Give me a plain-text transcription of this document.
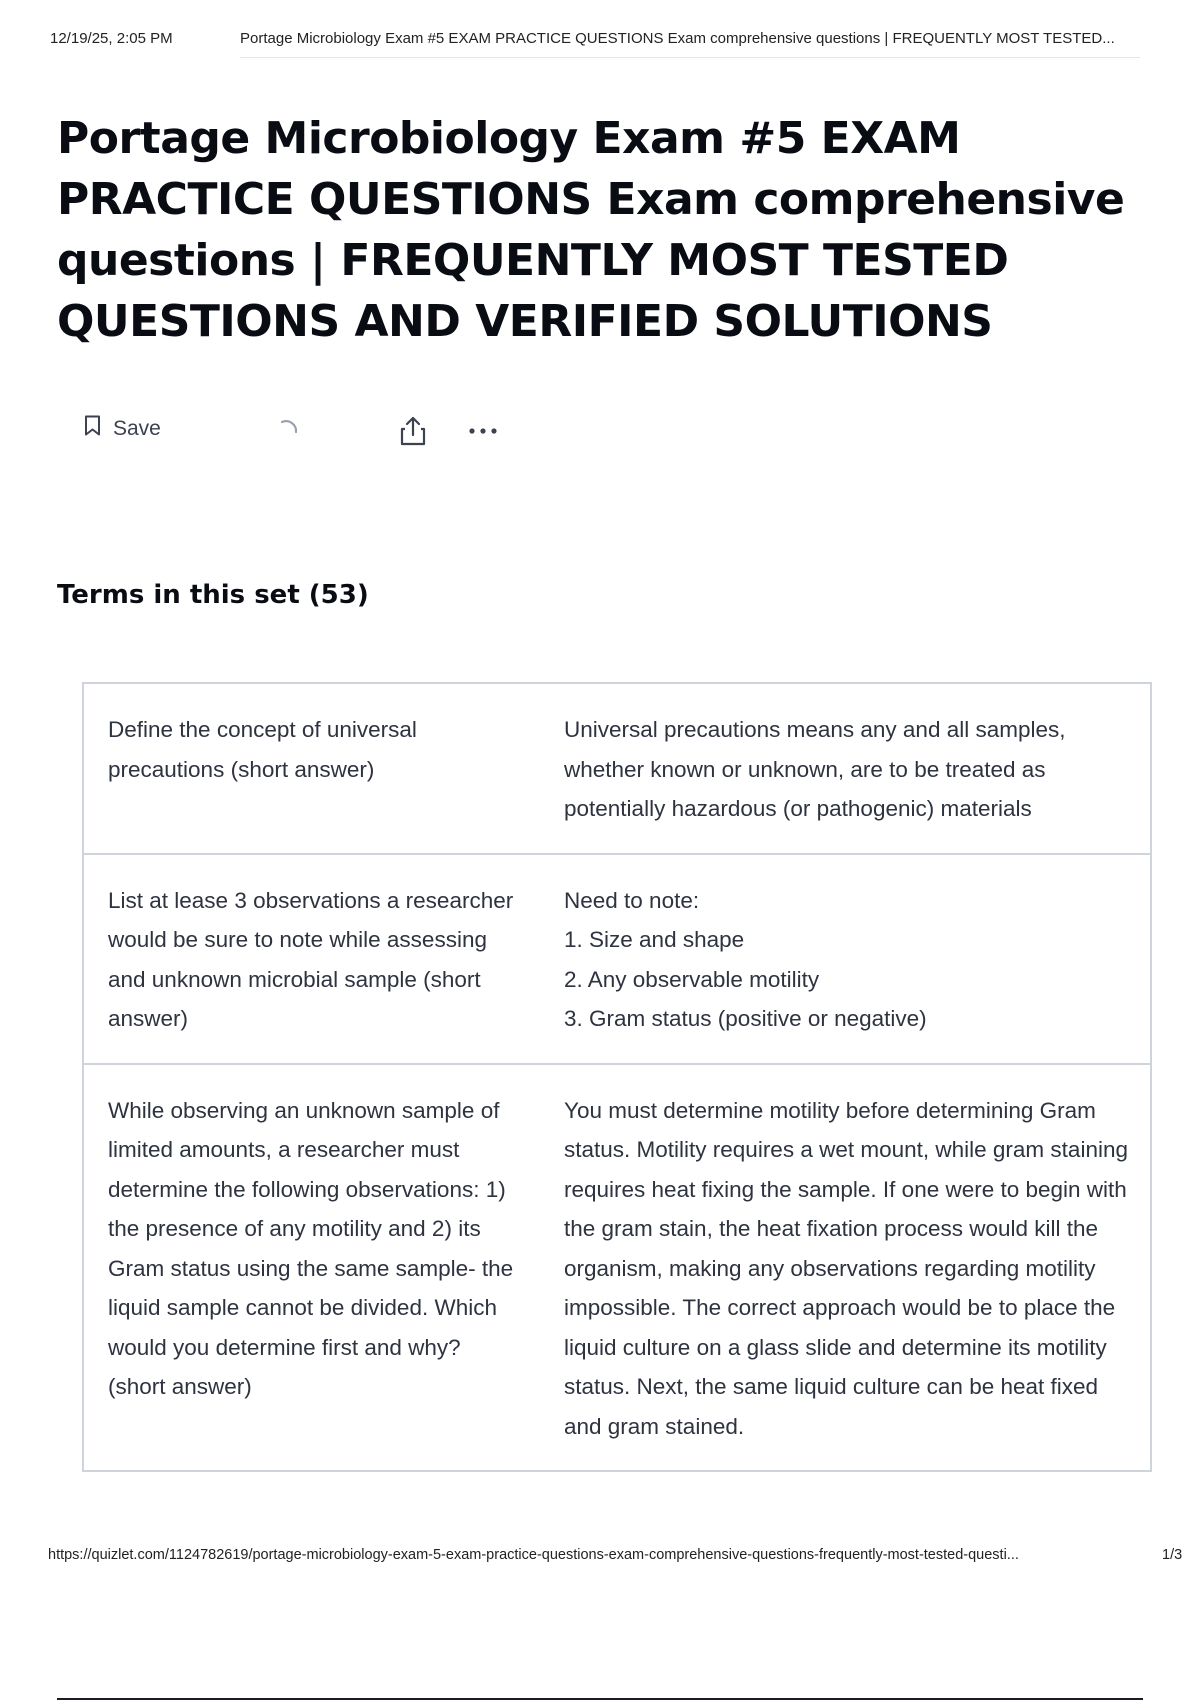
12/19/25, 2:05 PM	Portage Microbiology Exam #5 EXAM PRACTICE QUESTIONS Exam comprehensive questions | FREQUENTLY MOST TESTED...
Portage Microbiology Exam #5 EXAM PRACTICE QUESTIONS Exam comprehensive questions | FREQUENTLY MOST TESTED QUESTIONS AND VERIFIED SOLUTIONS
Save
Terms in this set (53)
Define the concept of universal precautions (short answer)
Universal precautions means any and all samples, whether known or unknown, are to be treated as potentially hazardous (or pathogenic) materials
List at lease 3 observations a researcher would be sure to note while assessing and unknown microbial sample (short answer)
Need to note:
1. Size and shape
2. Any observable motility
3. Gram status (positive or negative)
While observing an unknown sample of limited amounts, a researcher must determine the following observations: 1) the presence of any motility and 2) its Gram status using the same sample- the liquid sample cannot be divided. Which would you determine first and why? (short answer)
You must determine motility before determining Gram status. Motility requires a wet mount, while gram staining requires heat fixing the sample. If one were to begin with the gram stain, the heat fixation process would kill the organism, making any observations regarding motility impossible. The correct approach would be to place the liquid culture on a glass slide and determine its motility status. Next, the same liquid culture can be heat fixed and gram stained.
https://quizlet.com/1124782619/portage-microbiology-exam-5-exam-practice-questions-exam-comprehensive-questions-frequently-most-tested-questi...	1/3
